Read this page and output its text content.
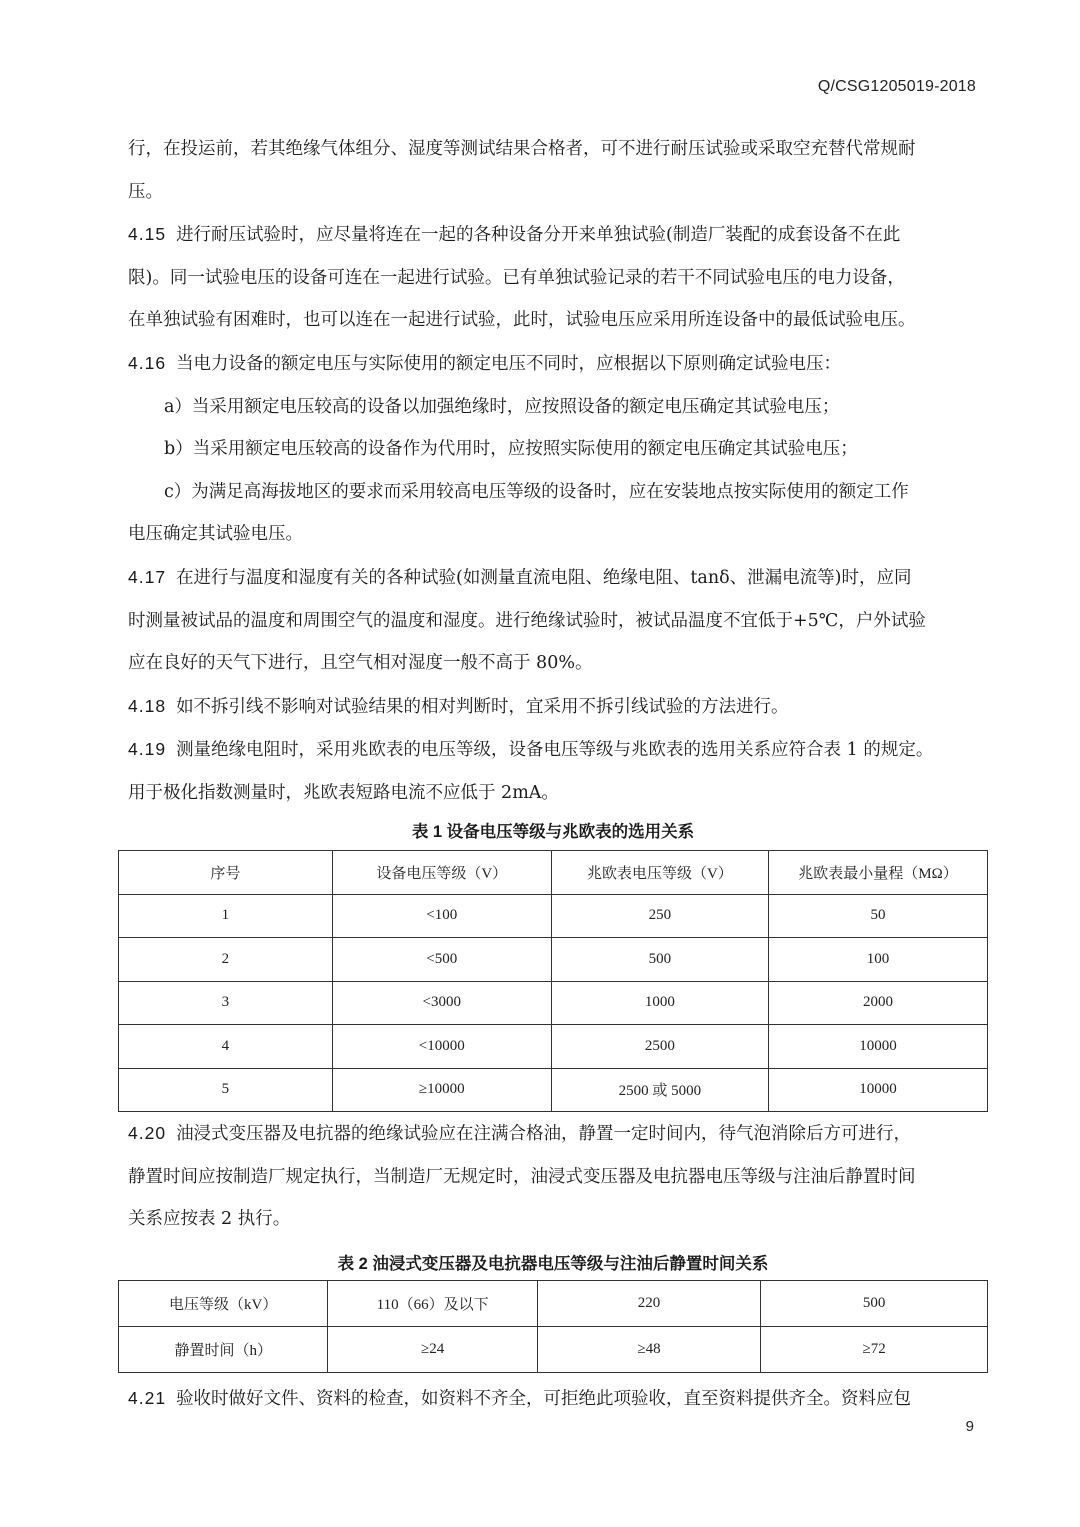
Q/CSG1205019-2018

行，在投运前，若其绝缘气体组分、湿度等测试结果合格者，可不进行耐压试验或采取空充替代常规耐

压。

4.15 进行耐压试验时，应尽量将连在一起的各种设备分开来单独试验(制造厂装配的成套设备不在此

限)。同一试验电压的设备可连在一起进行试验。已有单独试验记录的若干不同试验电压的电力设备，

在单独试验有困难时，也可以连在一起进行试验，此时，试验电压应采用所连设备中的最低试验电压。

4.16 当电力设备的额定电压与实际使用的额定电压不同时，应根据以下原则确定试验电压：

a）当采用额定电压较高的设备以加强绝缘时，应按照设备的额定电压确定其试验电压；

b）当采用额定电压较高的设备作为代用时，应按照实际使用的额定电压确定其试验电压；

c）为满足高海拔地区的要求而采用较高电压等级的设备时，应在安装地点按实际使用的额定工作

电压确定其试验电压。

4.17 在进行与温度和湿度有关的各种试验(如测量直流电阻、绝缘电阻、tanδ、泄漏电流等)时，应同

时测量被试品的温度和周围空气的温度和湿度。进行绝缘试验时，被试品温度不宜低于+5℃，户外试验

应在良好的天气下进行，且空气相对湿度一般不高于 80%。

4.18 如不拆引线不影响对试验结果的相对判断时，宜采用不拆引线试验的方法进行。

4.19 测量绝缘电阻时，采用兆欧表的电压等级，设备电压等级与兆欧表的选用关系应符合表 1 的规定。

用于极化指数测量时，兆欧表短路电流不应低于 2mA。

表 1 设备电压等级与兆欧表的选用关系
序号	设备电压等级（V）	兆欧表电压等级（V）	兆欧表最小量程（MΩ）
1	<100	250	50
2	<500	500	100
3	<3000	1000	2000
4	<10000	2500	10000
5	≥10000	2500 或 5000	10000

4.20 油浸式变压器及电抗器的绝缘试验应在注满合格油，静置一定时间内，待气泡消除后方可进行，

静置时间应按制造厂规定执行，当制造厂无规定时，油浸式变压器及电抗器电压等级与注油后静置时间

关系应按表 2 执行。

表 2 油浸式变压器及电抗器电压等级与注油后静置时间关系
电压等级（kV）	110（66）及以下	220	500
静置时间（h）	≥24	≥48	≥72

4.21 验收时做好文件、资料的检查，如资料不齐全，可拒绝此项验收，直至资料提供齐全。资料应包

9
